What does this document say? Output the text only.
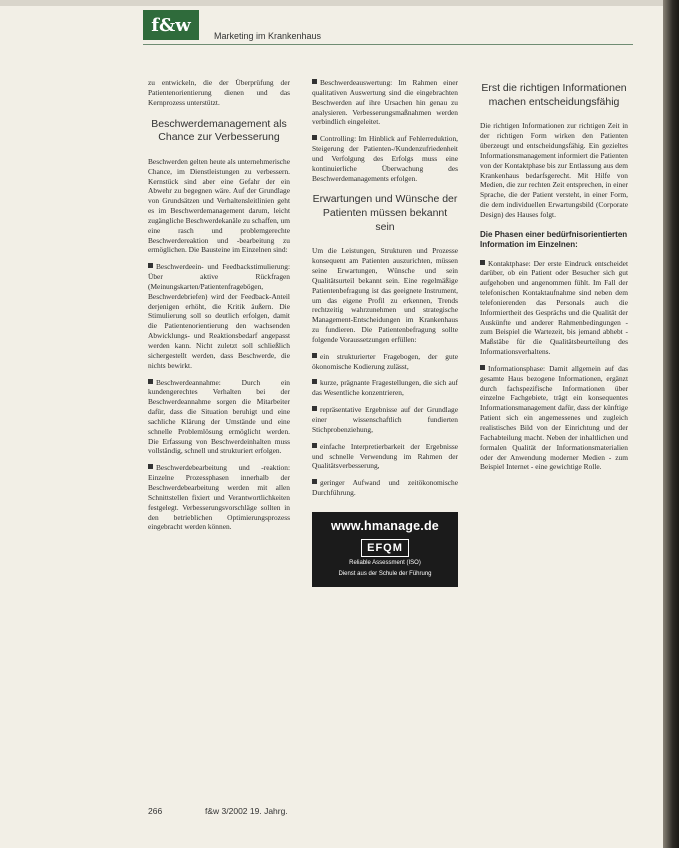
f&w
Marketing im Krankenhaus

zu entwickeln, die der Überprüfung der Patientenorientierung dienen und das Kernprozess unterstützt.

Beschwerdemanagement als Chance zur Verbesserung

Beschwerden gelten heute als unternehmerische Chance, im Dienstleistungen zu verbessern. Kernstück sind aber eine Gefahr der ein Abwehr zu begegnen wäre. Auf der Grundlage von Grundsätzen und Verhaltensleitlinien geht es im Beschwerdemanagement darum, leicht zugängliche Beschwerdekanäle zu schaffen, um eine rasch und problemgerechte Beschwerdereaktion und -bearbeitung zu ermöglichen. Die Bausteine im Einzelnen sind:

Beschwerdeein- und Feedbackstimulierung: Über aktive Rückfragen (Meinungskarten/Patientenfragebögen, Beschwerdebriefen) wird der Feedback-Anteil derjenigen erhöht, die Kritik äußern. Die Stimulierung soll so deutlich erfolgen, damit die Patientenorientierung den wachsenden Abwicklungs- und Reaktionsbedarf angepasst werden kann. Nicht zuletzt soll schließlich sichergestellt werden, dass Beschwerde, die nichts bewirkt.

Beschwerdeannahme: Durch ein kundengerechtes Verhalten bei der Beschwerdeannahme sorgen die Mitarbeiter dafür, dass die Situation beruhigt und eine sachliche Klärung der Umstände und eine schnelle Problemlösung ermöglicht werden. Die Erfassung von Beschwerdeinhalten muss vollständig, schnell und strukturiert erfolgen.

Beschwerdebearbeitung und -reaktion: Einzelne Prozessphasen innerhalb der Beschwerdebearbeitung werden mit allen Schnittstellen fixiert und Verantwortlichkeiten festgelegt. Verbesserungsvorschläge sollten in den betrieblichen Optimierungsprozess eingebracht werden können.

Beschwerdeauswertung: Im Rahmen einer qualitativen Auswertung sind die eingebrachten Beschwerden auf ihre Ursachen hin genau zu analysieren. Verbesserungsmaßnahmen werden verbindlich eingeleitet.

Controlling: Im Hinblick auf Fehlerreduktion, Steigerung der Patienten-/Kundenzufriedenheit und Verfolgung des Erfolgs muss eine kontinuierliche Überwachung des Beschwerdemanagements erfolgen.

Erwartungen und Wünsche der Patienten müssen bekannt sein

Um die Leistungen, Strukturen und Prozesse konsequent am Patienten auszurichten, müssen seine Erwartungen, Wünsche und sein Qualitätsurteil bekannt sein. Eine regelmäßige Patientenbefragung ist das geeignete Instrument, um das eigene Profil zu erkennen, Trends rechtzeitig wahrzunehmen und strategische Management-Entscheidungen im Krankenhaus zu fundieren. Die Patientenbefragung sollte folgende Voraussetzungen erfüllen:

ein strukturierter Fragebogen, der gute ökonomische Kodierung zulässt,

kurze, prägnante Fragestellungen, die sich auf das Wesentliche konzentrieren,

repräsentative Ergebnisse auf der Grundlage einer wissenschaftlich fundierten Stichprobenziehung,

einfache Interpretierbarkeit der Ergebnisse und schnelle Verwendung im Rahmen der Qualitätsverbesserung,

geringer Aufwand und zeitökonomische Durchführung.

www.hmanage.de
EFQM
Reliable Assessment (ISO)
Dienst aus der Schule der Führung
Erst die richtigen Informationen machen entscheidungsfähig

Die richtigen Informationen zur richtigen Zeit in der richtigen Form wirken den Patienten überzeugt und entscheidungsfähig. Ein gezieltes Informationsmanagement informiert die Patienten von der Kontaktphase bis zur Entlassung aus dem Krankenhaus bedarfsgerecht. Mit Hilfe von Medien, die zur rechten Zeit entsprechen, in einer Sprache, die der Patient versteht, in einer Form, die dem individuellen Erwartungsbild (Corporate Design) des Hauses folgt.

Die Phasen einer bedürfnisorientierten Information im Einzelnen:

Kontaktphase: Der erste Eindruck entscheidet darüber, ob ein Patient oder Besucher sich gut aufgehoben und angenommen fühlt. Im Fall der telefonischen Kontaktaufnahme sind neben dem telefonierenden das Personals auch die Informiertheit des Gesprächs und die Qualität der Auskünfte und anderer Rahmenbedingungen - zum Beispiel die Wartezeit, bis jemand abhebt - Maßstäbe für die Qualitätsbeurteilung des Informationsverhaltens.

Informationsphase: Damit allgemein auf das gesamte Haus bezogene Informationen, ergänzt durch fachspezifische Informationen über einzelne Fachgebiete, trägt ein konsequentes Informationsmanagement dafür, dass der künftige Patient sich ein angemessenes und zugleich realistisches Bild von der Einrichtung und der Fachabteilung macht. Neben der inhaltlichen und formalen Qualität der Informationsmaterialien oder der Anwendung moderner Medien - zum Beispiel Internet - eine gewichtige Rolle.

266	f&w 3/2002 19. Jahrg.
